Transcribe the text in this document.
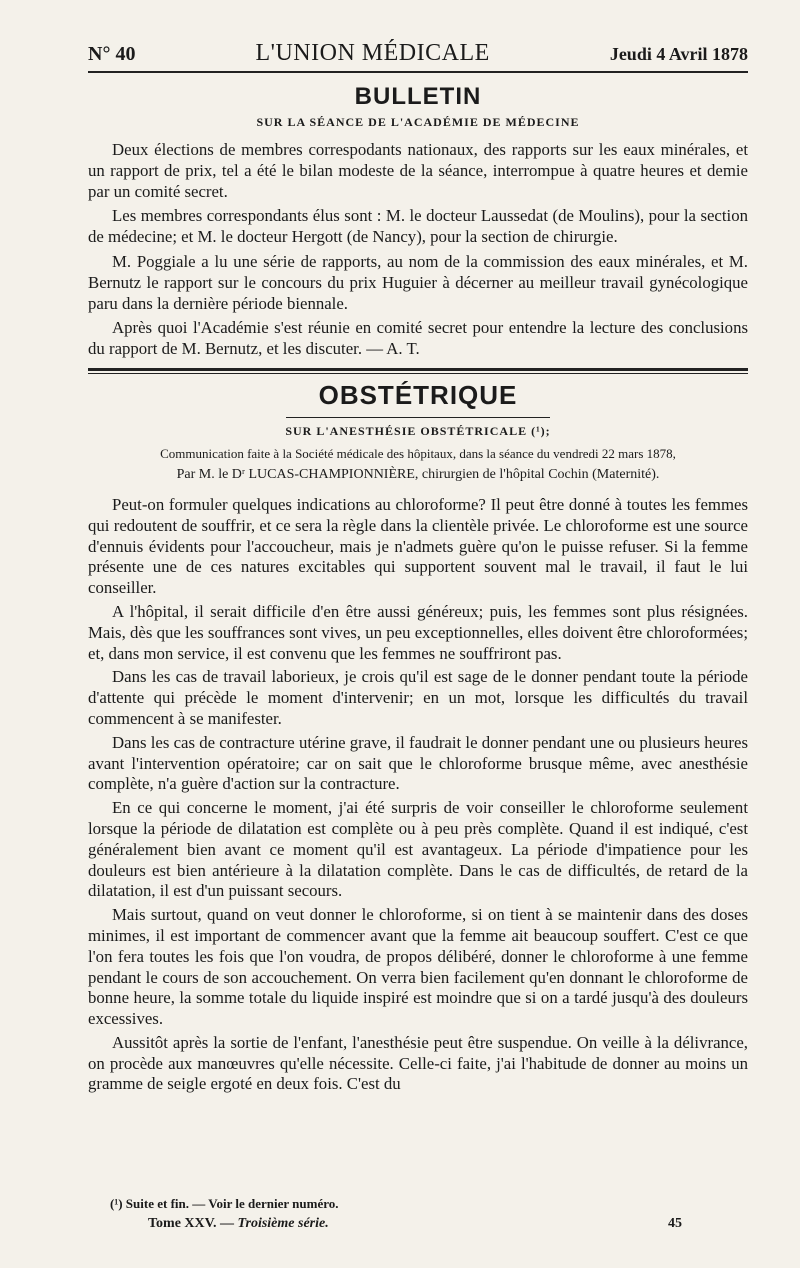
N° 40	L'UNION MÉDICALE	Jeudi 4 Avril 1878
BULLETIN
SUR LA SÉANCE DE L'ACADÉMIE DE MÉDECINE

Deux élections de membres correspodants nationaux, des rapports sur les eaux minérales, et un rapport de prix, tel a été le bilan modeste de la séance, interrompue à quatre heures et demie par un comité secret.

Les membres correspondants élus sont : M. le docteur Laussedat (de Moulins), pour la section de médecine; et M. le docteur Hergott (de Nancy), pour la section de chirurgie.

M. Poggiale a lu une série de rapports, au nom de la commission des eaux minérales, et M. Bernutz le rapport sur le concours du prix Huguier à décerner au meilleur travail gynécologique paru dans la dernière période biennale.

Après quoi l'Académie s'est réunie en comité secret pour entendre la lecture des conclusions du rapport de M. Bernutz, et les discuter. — A. T.

OBSTÉTRIQUE
SUR L'ANESTHÉSIE OBSTÉTRICALE (¹);
Communication faite à la Société médicale des hôpitaux, dans la séance du vendredi 22 mars 1878,
Par M. le Dʳ LUCAS-CHAMPIONNIÈRE, chirurgien de l'hôpital Cochin (Maternité).

Peut-on formuler quelques indications au chloroforme? Il peut être donné à toutes les femmes qui redoutent de souffrir, et ce sera la règle dans la clientèle privée. Le chloroforme est une source d'ennuis évidents pour l'accoucheur, mais je n'admets guère qu'on le puisse refuser. Si la femme présente une de ces natures excitables qui supportent souvent mal le travail, il faut le lui conseiller.

A l'hôpital, il serait difficile d'en être aussi généreux; puis, les femmes sont plus résignées. Mais, dès que les souffrances sont vives, un peu exceptionnelles, elles doivent être chloroformées; et, dans mon service, il est convenu que les femmes ne souffriront pas.

Dans les cas de travail laborieux, je crois qu'il est sage de le donner pendant toute la période d'attente qui précède le moment d'intervenir; en un mot, lorsque les difficultés du travail commencent à se manifester.

Dans les cas de contracture utérine grave, il faudrait le donner pendant une ou plusieurs heures avant l'intervention opératoire; car on sait que le chloroforme brusque même, avec anesthésie complète, n'a guère d'action sur la contracture.

En ce qui concerne le moment, j'ai été surpris de voir conseiller le chloroforme seulement lorsque la période de dilatation est complète ou à peu près complète. Quand il est indiqué, c'est généralement bien avant ce moment qu'il est avantageux. La période d'impatience pour les douleurs est bien antérieure à la dilatation complète. Dans le cas de difficultés, de retard de la dilatation, il est d'un puissant secours.

Mais surtout, quand on veut donner le chloroforme, si on tient à se maintenir dans des doses minimes, il est important de commencer avant que la femme ait beaucoup souffert. C'est ce que l'on fera toutes les fois que l'on voudra, de propos délibéré, donner le chloroforme à une femme pendant le cours de son accouchement. On verra bien facilement qu'en donnant le chloroforme de bonne heure, la somme totale du liquide inspiré est moindre que si on a tardé jusqu'à des douleurs excessives.

Aussitôt après la sortie de l'enfant, l'anesthésie peut être suspendue. On veille à la délivrance, on procède aux manœuvres qu'elle nécessite. Celle-ci faite, j'ai l'habitude de donner au moins un gramme de seigle ergoté en deux fois. C'est du

(¹) Suite et fin. — Voir le dernier numéro.
Tome XXV. — Troisième série.	45
